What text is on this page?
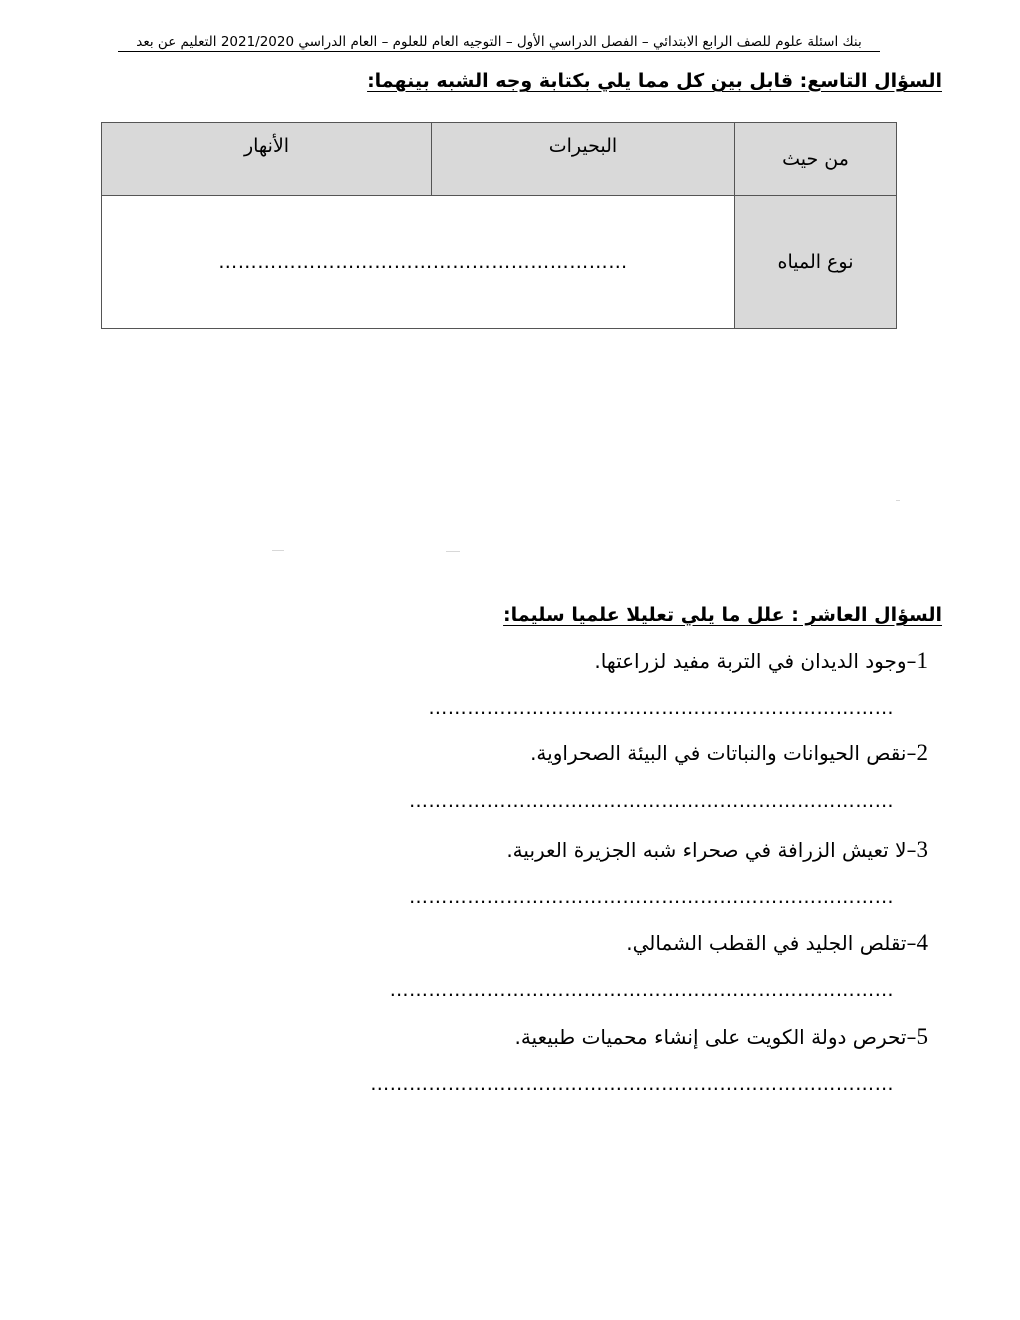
بنك اسئلة علوم للصف الرابع الابتدائي – الفصل الدراسي الأول – التوجيه العام للعلوم – العام الدراسي 2021/2020 التعليم عن بعد
السؤال التاسع: قابل بين كل مما يلي بكتابة وجه الشبه بينهما:
من حيث	البحيرات	الأنهار
نوع المياه	………………………………………………………	
السؤال العاشر : علل ما يلي تعليلا علميا سليما:
1–وجود الديدان في التربة مفيد لزراعتها.
………………………………………………………………
2–نقص الحيوانات والنباتات في البيئة الصحراوية.
…………………………………………………………………
3–لا تعيش الزرافة في صحراء شبه الجزيرة العربية.
…………………………………………………………………
4–تقلص الجليد في القطب الشمالي.
……………………………………………………………………
5–تحرص دولة الكويت على إنشاء محميات طبيعية.
………………………………………………………………………
